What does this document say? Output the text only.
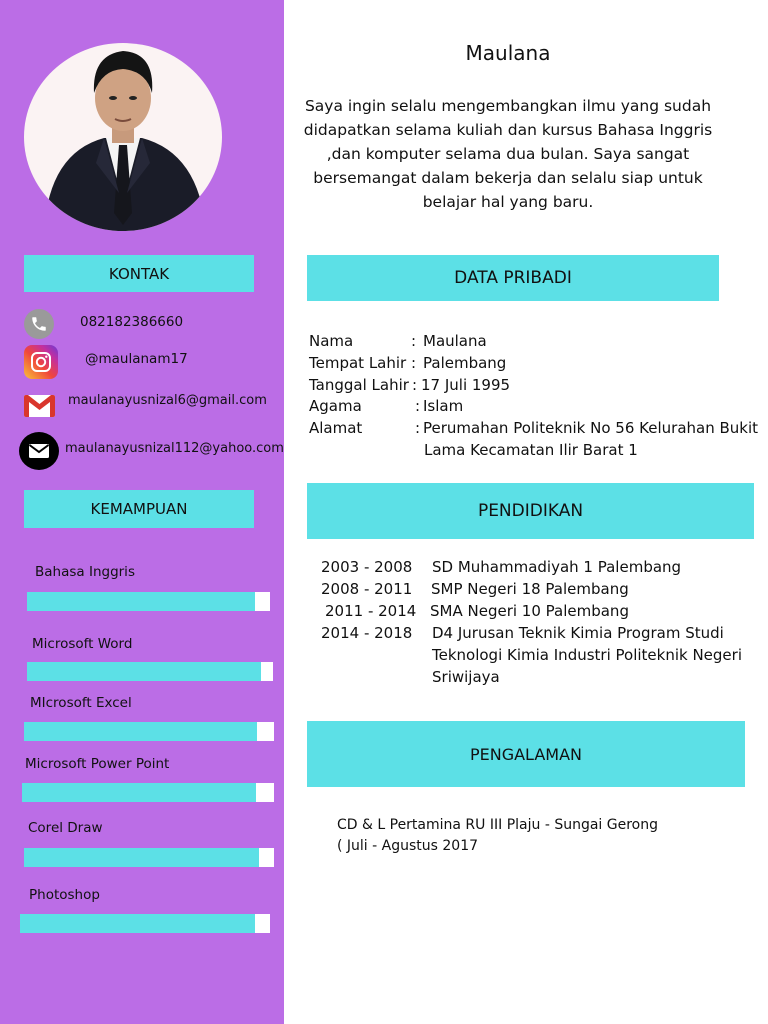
KONTAK
082182386660
@maulanam17
maulanayusnizal6@gmail.com
maulanayusnizal112@yahoo.com
KEMAMPUAN
Bahasa Inggris
Microsoft Word
MIcrosoft Excel
Microsoft Power Point
Corel Draw
Photoshop
Maulana
Saya ingin selalu mengembangkan ilmu yang sudah
didapatkan selama kuliah dan kursus Bahasa Inggris
,dan komputer selama dua bulan. Saya sangat
bersemangat dalam bekerja dan selalu siap untuk
belajar hal yang baru.
DATA PRIBADI
Nama	: Maulana
Tempat Lahir : Palembang
Tanggal Lahir : 17 Juli 1995
Agama	: Islam
Alamat	: Perumahan Politeknik No 56 Kelurahan Bukit
Lama Kecamatan Ilir Barat 1
PENDIDIKAN
2003 - 2008 SD Muhammadiyah 1 Palembang
2008 - 2011 SMP Negeri 18 Palembang
2011 - 2014 SMA Negeri 10 Palembang
2014 - 2018 D4 Jurusan Teknik Kimia Program Studi
Teknologi Kimia Industri Politeknik Negeri
Sriwijaya
PENGALAMAN
CD & L Pertamina RU III Plaju - Sungai Gerong
( Juli - Agustus 2017
